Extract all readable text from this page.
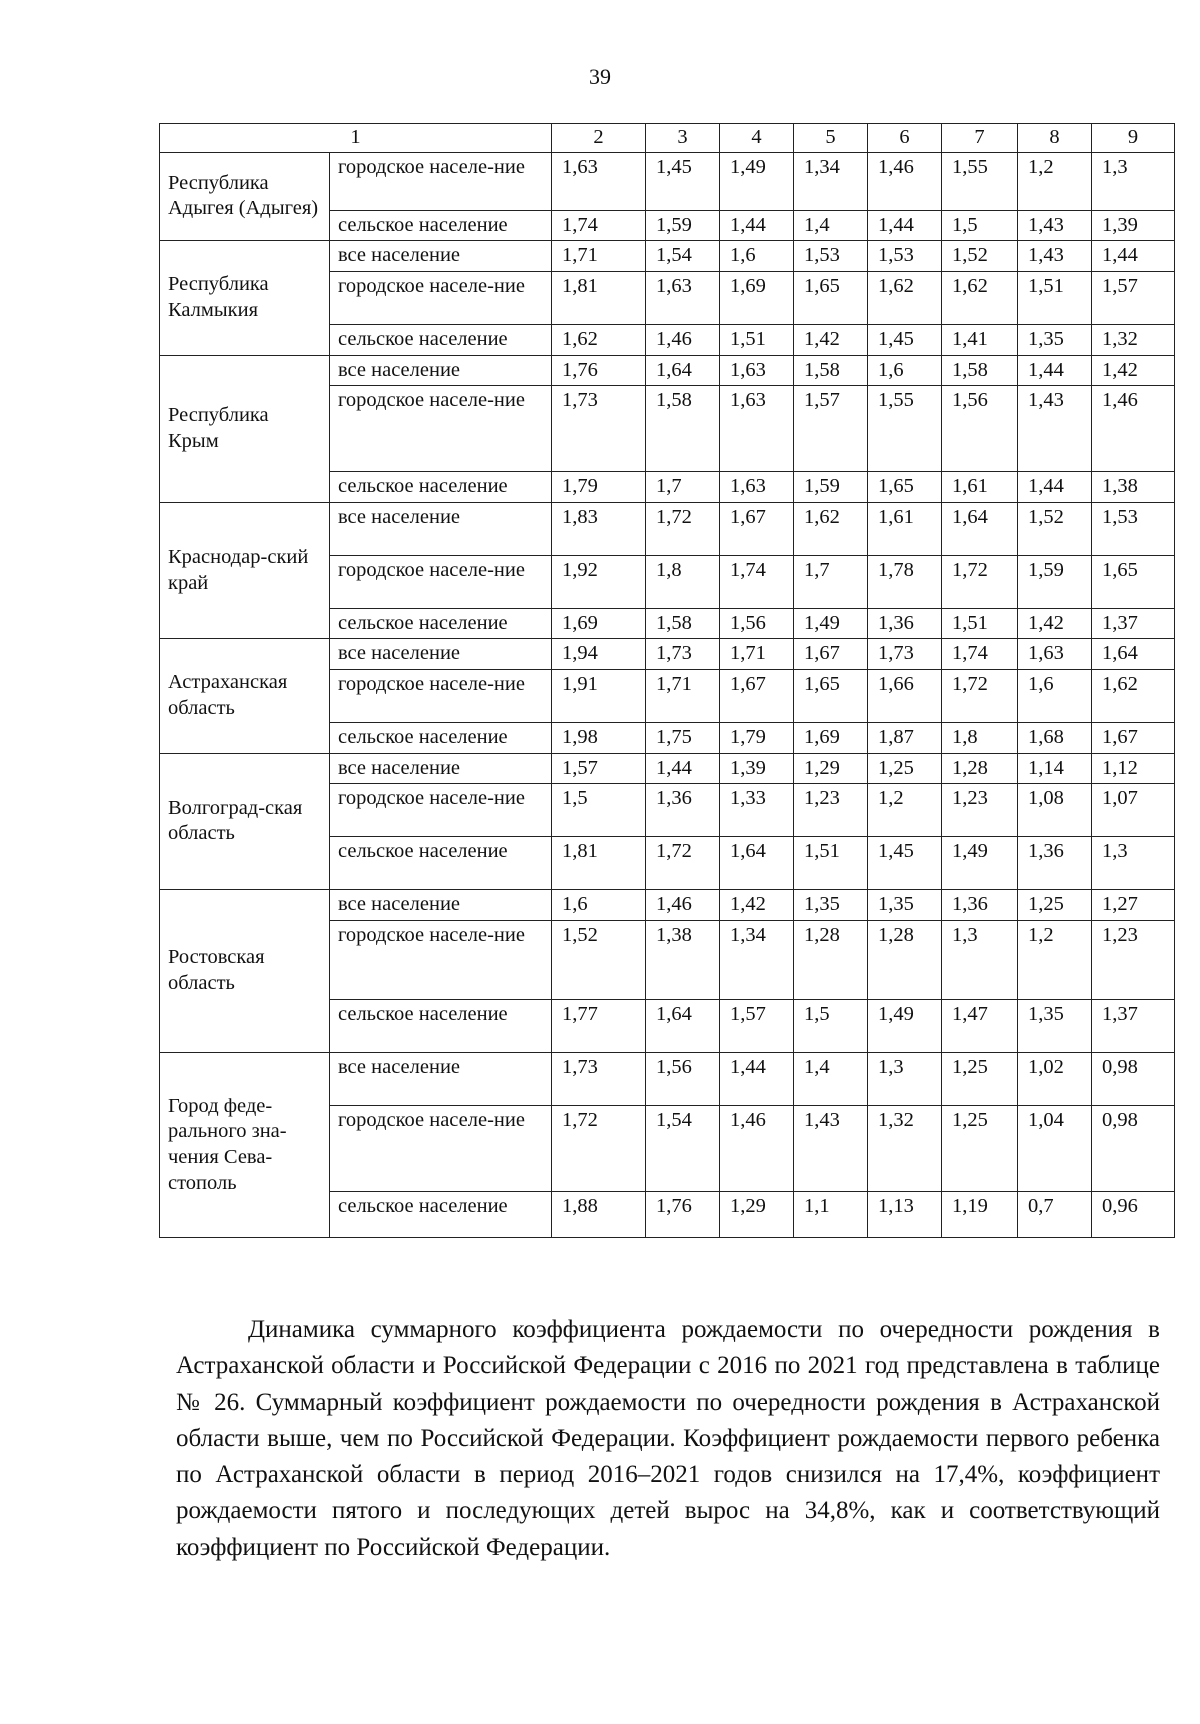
39
1		2	3	4	5	6	7	8	9
Республика Адыгея (Адыгея)	городское населе-ние	1,63	1,45	1,49	1,34	1,46	1,55	1,2	1,3
	сельское население	1,74	1,59	1,44	1,4	1,44	1,5	1,43	1,39
Республика Калмыкия	все население	1,71	1,54	1,6	1,53	1,53	1,52	1,43	1,44
	городское населе-ние	1,81	1,63	1,69	1,65	1,62	1,62	1,51	1,57
	сельское население	1,62	1,46	1,51	1,42	1,45	1,41	1,35	1,32
Республика Крым	все население	1,76	1,64	1,63	1,58	1,6	1,58	1,44	1,42
	городское населе-ние	1,73	1,58	1,63	1,57	1,55	1,56	1,43	1,46
	сельское население	1,79	1,7	1,63	1,59	1,65	1,61	1,44	1,38
Краснодар-ский край	все население	1,83	1,72	1,67	1,62	1,61	1,64	1,52	1,53
	городское населе-ние	1,92	1,8	1,74	1,7	1,78	1,72	1,59	1,65
	сельское население	1,69	1,58	1,56	1,49	1,36	1,51	1,42	1,37
Астраханская область	все население	1,94	1,73	1,71	1,67	1,73	1,74	1,63	1,64
	городское населе-ние	1,91	1,71	1,67	1,65	1,66	1,72	1,6	1,62
	сельское население	1,98	1,75	1,79	1,69	1,87	1,8	1,68	1,67
Волгоград-ская область	все население	1,57	1,44	1,39	1,29	1,25	1,28	1,14	1,12
	городское населе-ние	1,5	1,36	1,33	1,23	1,2	1,23	1,08	1,07
	сельское население	1,81	1,72	1,64	1,51	1,45	1,49	1,36	1,3
Ростовская область	все население	1,6	1,46	1,42	1,35	1,35	1,36	1,25	1,27
	городское населе-ние	1,52	1,38	1,34	1,28	1,28	1,3	1,2	1,23
	сельское население	1,77	1,64	1,57	1,5	1,49	1,47	1,35	1,37
Город феде-рального зна-чения Сева-стополь	все население	1,73	1,56	1,44	1,4	1,3	1,25	1,02	0,98
	городское населе-ние	1,72	1,54	1,46	1,43	1,32	1,25	1,04	0,98
	сельское население	1,88	1,76	1,29	1,1	1,13	1,19	0,7	0,96

Динамика суммарного коэффициента рождаемости по очередности рождения в Астраханской области и Российской Федерации с 2016 по 2021 год представлена в таблице № 26. Суммарный коэффициент рождаемости по очередности рождения в Астраханской области выше, чем по Российской Федерации. Коэффициент рождаемости первого ребенка по Астраханской области в период 2016–2021 годов снизился на 17,4%, коэффициент рождаемости пятого и последующих детей вырос на 34,8%, как и соответствующий коэффициент по Российской Федерации.
